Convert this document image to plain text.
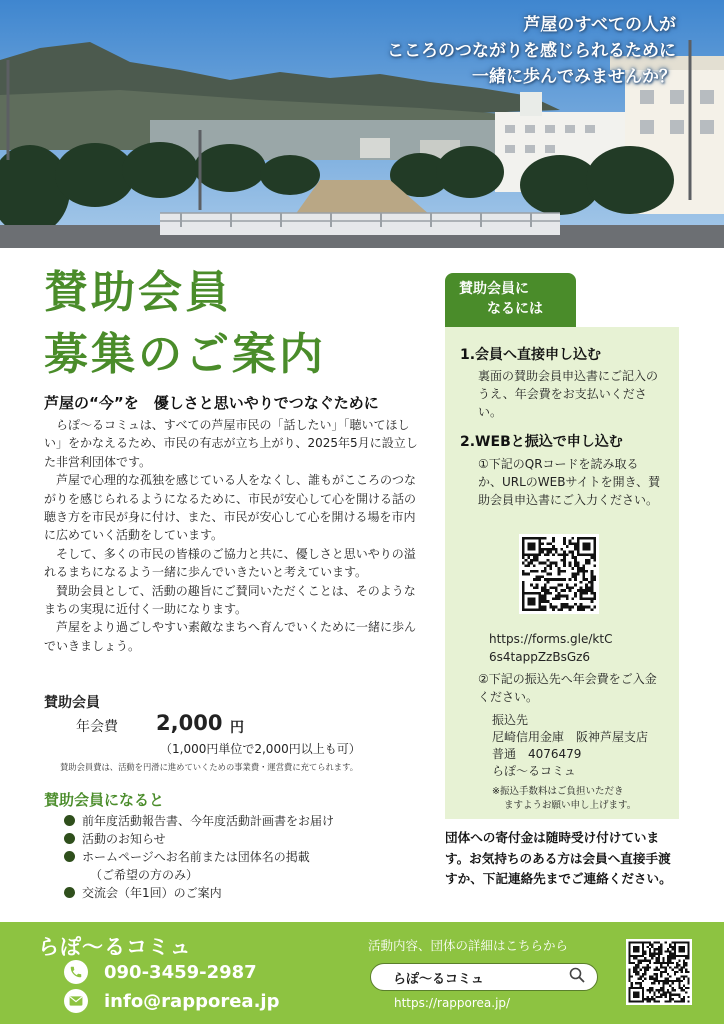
芦屋のすべての人が
こころのつながりを感じられるために
一緒に歩んでみませんか？
賛助会員
募集のご案内
芦屋の“今”を　優しさと思いやりでつなぐために

らぽ～るコミュは、すべての芦屋市民の「話したい」「聴いてほしい」をかなえるため、市民の有志が立ち上がり、2025年5月に設立した非営利団体です。

芦屋で心理的な孤独を感じている人をなくし、誰もがこころのつながりを感じられるようになるために、市民が安心して心を開ける話の聴き方を市民が身に付け、また、市民が安心して心を開ける場を市内に広めていく活動をしています。

そして、多くの市民の皆様のご協力と共に、優しさと思いやりの溢れるまちになるよう一緒に歩んでいきたいと考えています。

賛助会員として、活動の趣旨にご賛同いただくことは、そのようなまちの実現に近付く一助になります。

芦屋をより過ごしやすい素敵なまちへ育んでいくために一緒に歩んでいきましょう。

賛助会員
年会費 2,000 円
（1,000円単位で2,000円以上も可）
賛助会員費は、活動を円滑に進めていくための事業費・運営費に充てられます。
賛助会員になると
前年度活動報告書、今年度活動計画書をお届け
活動のお知らせ
ホームページへお名前または団体名の掲載
（ご希望の方のみ）
交流会（年1回）のご案内
賛助会員に
なるには
1.会員へ直接申し込む
裏面の賛助会員申込書にご記入のうえ、年会費をお支払いください。
2.WEBと振込で申し込む
①下記のQRコードを読み取るか、URLのWEBサイトを開き、賛助会員申込書にご入力ください。
https://forms.gle/ktC
6s4tappZzBsGz6
②下記の振込先へ年会費をご入金ください。
振込先
尼崎信用金庫　阪神芦屋支店
普通　4076479
らぽ～るコミュ
※振込手数料はご負担いただき
ますようお願い申し上げます。
団体への寄付金は随時受け付けています。お気持ちのある方は会員へ直接手渡すか、下記連絡先までご連絡ください。
らぽ～るコミュ
090-3459-2987
info@rapporea.jp
活動内容、団体の詳細はこちらから
らぽ～るコミュ
https://rapporea.jp/
